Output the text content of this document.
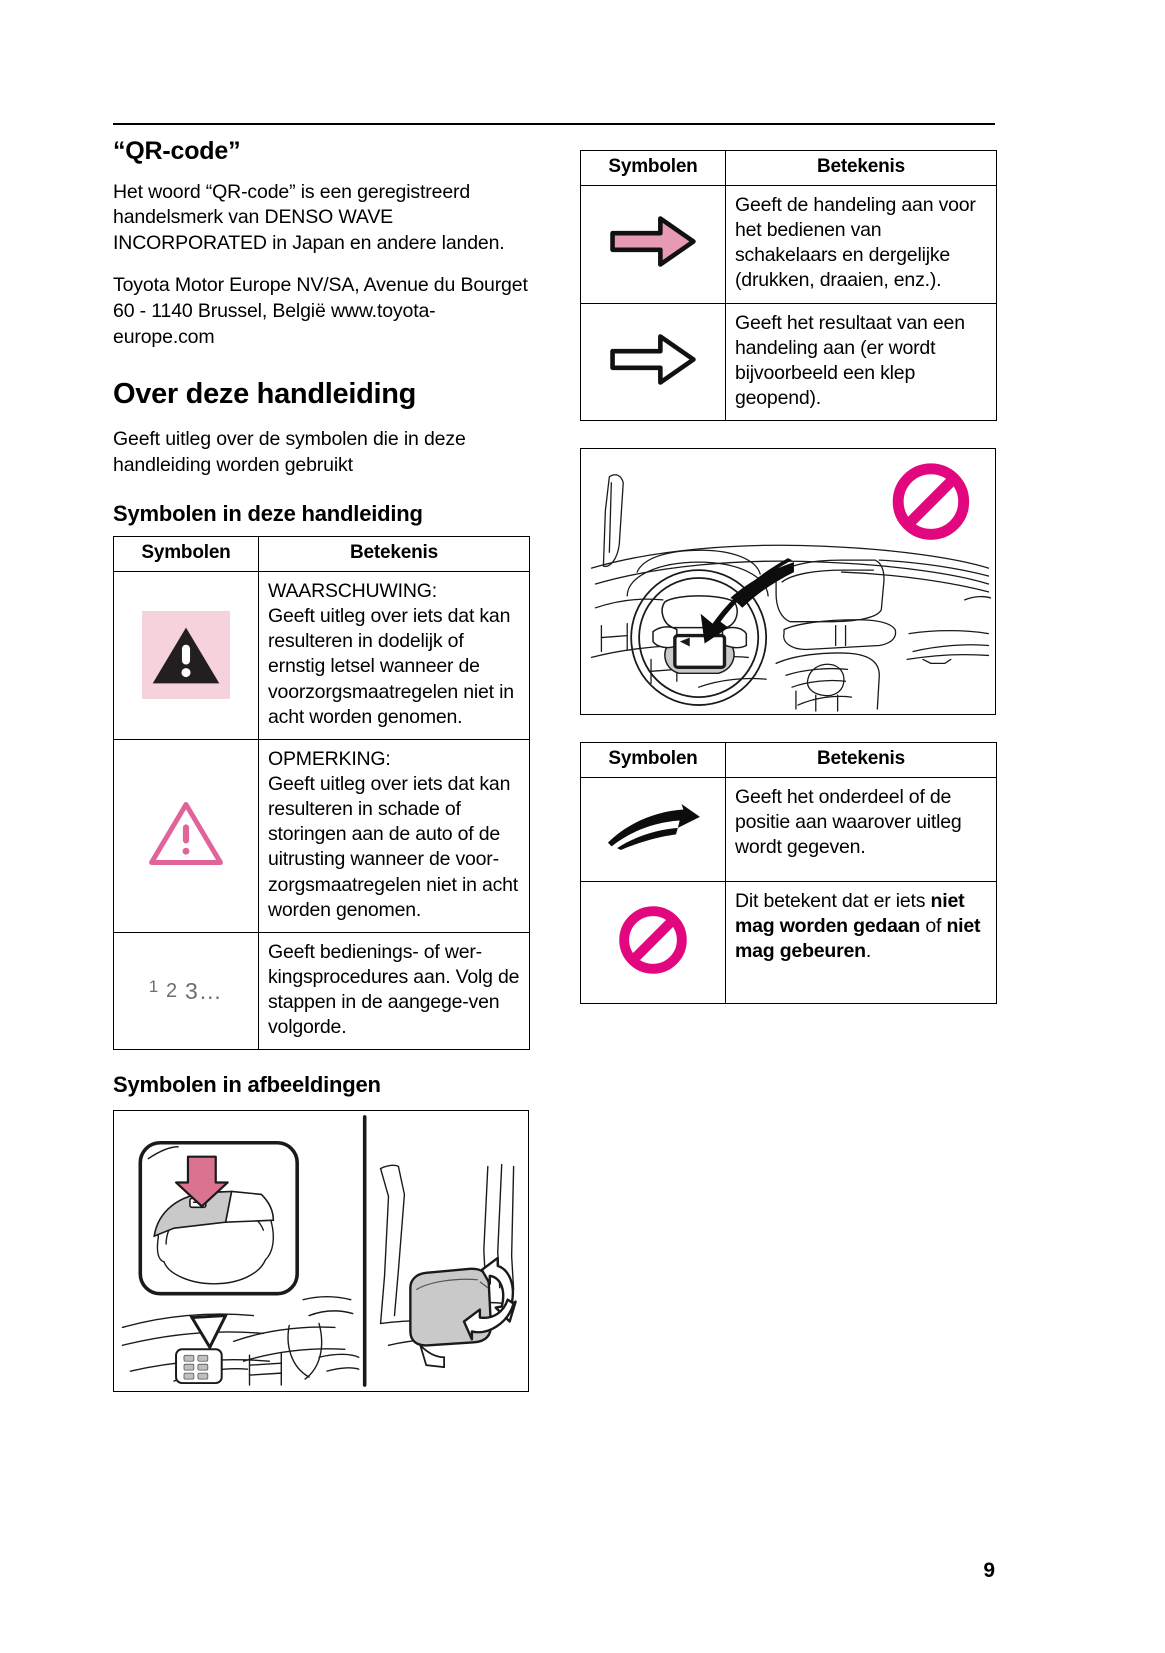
“QR-code”

Het woord “QR-code” is een geregistreerd handelsmerk van DENSO WAVE INCORPORATED in Japan en andere landen.

Toyota Motor Europe NV/SA, Avenue du Bourget 60 - 1140 Brussel, België www.toyota-europe.com

Over deze handleiding

Geeft uitleg over de symbolen die in deze handleiding worden gebruikt

Symbolen in deze handleiding
Symbolen	Betekenis

WAARSCHUWING:
Geeft uitleg over iets dat kan resulteren in dodelijk of ernstig letsel wanneer de voorzorgsmaatregelen niet in acht worden genomen.

OPMERKING:
Geeft uitleg over iets dat kan resulteren in schade of storingen aan de auto of de uitrusting wanneer de voor-zorgsmaatregelen niet in acht worden genomen.

$^1$ 2 3…	Geeft bedienings- of wer-kingsprocedures aan. Volg de stappen in de aangege-ven volgorde.
Symbolen in afbeeldingen
Symbolen	Betekenis

Geeft de handeling aan voor het bedienen van schakelaars en dergelijke (drukken, draaien, enz.).

Geeft het resultaat van een handeling aan (er wordt bijvoorbeeld een klep geopend).
Symbolen	Betekenis

Geeft het onderdeel of de positie aan waarover uitleg wordt gegeven.

Dit betekent dat er iets niet mag worden gedaan of niet mag gebeuren.
9
